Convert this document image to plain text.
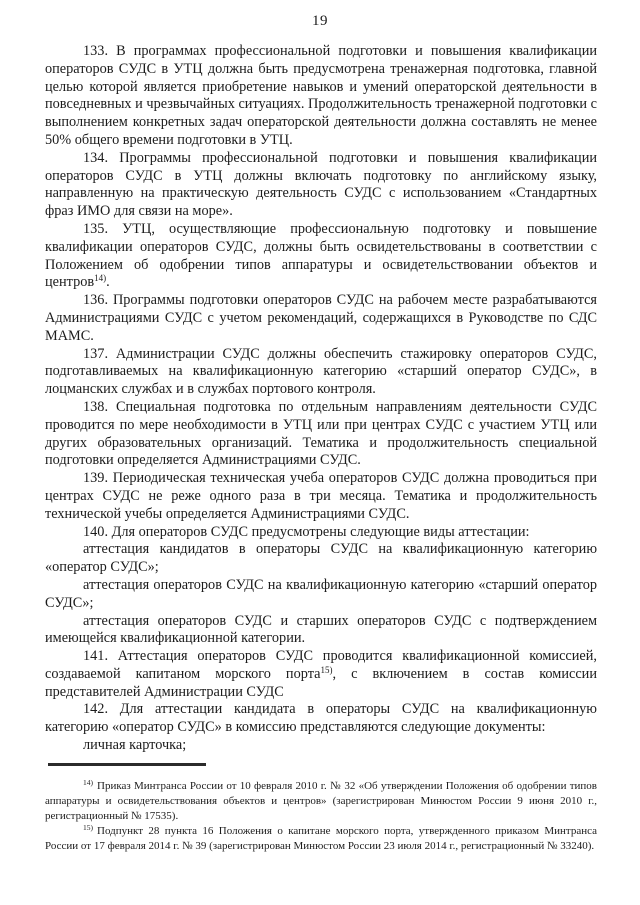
19

133. В программах профессиональной подготовки и повышения квалификации операторов СУДС в УТЦ должна быть предусмотрена тренажерная подготовка, главной целью которой является приобретение навыков и умений операторской деятельности в повседневных и чрезвычайных ситуациях. Продолжительность тренажерной подготовки с выполнением конкретных задач операторской деятельности должна составлять не менее 50% общего времени подготовки в УТЦ.

134. Программы профессиональной подготовки и повышения квалификации операторов СУДС в УТЦ должны включать подготовку по английскому языку, направленную на практическую деятельность СУДС с использованием «Стандартных фраз ИМО для связи на море».

135. УТЦ, осуществляющие профессиональную подготовку и повышение квалификации операторов СУДС, должны быть освидетельствованы в соответствии с Положением об одобрении типов аппаратуры и освидетельствовании объектов и центров$^{14)}$.

136. Программы подготовки операторов СУДС на рабочем месте разрабатываются Администрациями СУДС с учетом рекомендаций, содержащихся в Руководстве по СДС МАМС.

137. Администрации СУДС должны обеспечить стажировку операторов СУДС, подготавливаемых на квалификационную категорию «старший оператор СУДС», в лоцманских службах и в службах портового контроля.

138. Специальная подготовка по отдельным направлениям деятельности СУДС проводится по мере необходимости в УТЦ или при центрах СУДС с участием УТЦ или других образовательных организаций. Тематика и продолжительность специальной подготовки определяется Администрациями СУДС.

139. Периодическая техническая учеба операторов СУДС должна проводиться при центрах СУДС не реже одного раза в три месяца. Тематика и продолжительность технической учебы определяется Администрациями СУДС.

140. Для операторов СУДС предусмотрены следующие виды аттестации:

аттестация кандидатов в операторы СУДС на квалификационную категорию «оператор СУДС»;

аттестация операторов СУДС на квалификационную категорию «старший оператор СУДС»;

аттестация операторов СУДС и старших операторов СУДС с подтверждением имеющейся квалификационной категории.

141. Аттестация операторов СУДС проводится квалификационной комиссией, создаваемой капитаном морского порта$^{15)}$, с включением в состав комиссии представителей Администрации СУДС

142. Для аттестации кандидата в операторы СУДС на квалификационную категорию «оператор СУДС» в комиссию представляются следующие документы:

личная карточка;

$^{14)}$ Приказ Минтранса России от 10 февраля 2010 г. № 32 «Об утверждении Положения об одобрении типов аппаратуры и освидетельствования объектов и центров» (зарегистрирован Минюстом России 9 июня 2010 г., регистрационный № 17535).

$^{15)}$ Подпункт 28 пункта 16 Положения о капитане морского порта, утвержденного приказом Минтранса России от 17 февраля 2014 г. № 39 (зарегистрирован Минюстом России 23 июля 2014 г., регистрационный № 33240).
